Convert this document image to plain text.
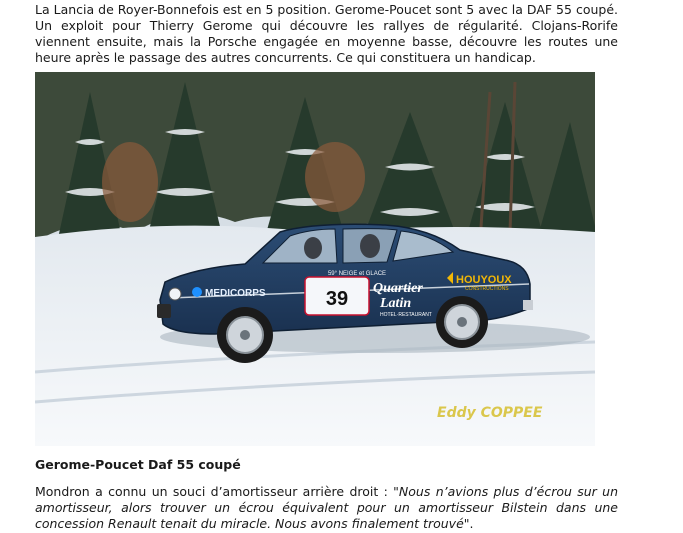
La Lancia de Royer-Bonnefois est en 5 position. Gerome-Poucet sont 5 avec la DAF 55 coupé. Un exploit pour Thierry Gerome qui découvre les rallyes de régularité. Clojans-Rorife viennent ensuite, mais la Porsche engagée en moyenne basse, découvre les routes une heure après le passage des autres concurrents. Ce qui constituera un handicap.

39
59° NEIGE et GLACE
MEDICORPS	Quartier
Latin
HOTEL·RESTAURANT
HOUYOUX
CONSTRUCTIONS
Eddy COPPEE

Gerome-Poucet Daf 55 coupé

Mondron a connu un souci d’amortisseur arrière droit : "Nous n’avions plus d’écrou sur un amortisseur, alors trouver un écrou équivalent pour un amortisseur Bilstein dans une concession Renault tenait du miracle. Nous avons finalement trouvé".
